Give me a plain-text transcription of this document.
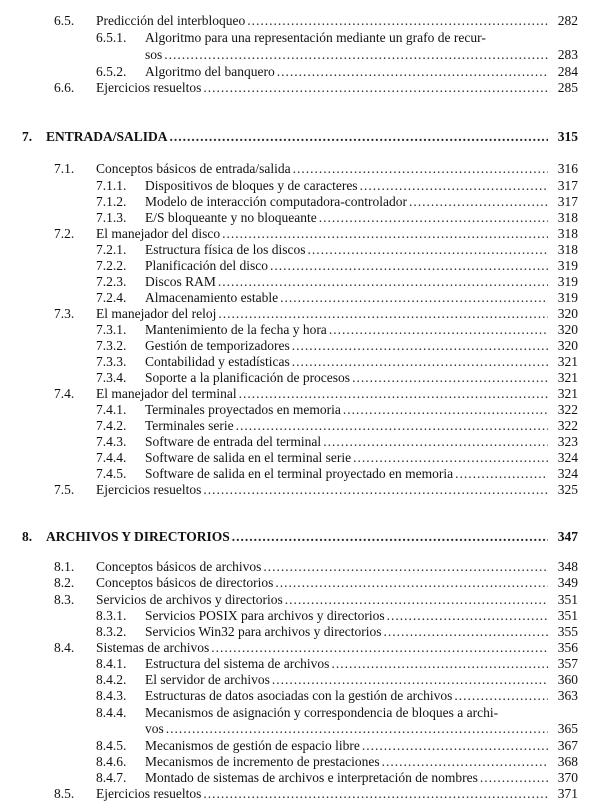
6.5. Predicción del interbloqueo .....	282
6.5.1. Algoritmo para una representación mediante un grafo de recur-
sos .....	283
6.5.2. Algoritmo del banquero .....	284
6.6. Ejercicios resueltos .....	285
7. ENTRADA/SALIDA .....	315
7.1. Conceptos básicos de entrada/salida .....	316
7.1.1. Dispositivos de bloques y de caracteres .....	317
7.1.2. Modelo de interacción computadora-controlador .....	317
7.1.3. E/S bloqueante y no bloqueante .....	318
7.2. El manejador del disco .....	318
7.2.1. Estructura física de los discos .....	318
7.2.2. Planificación del disco .....	319
7.2.3. Discos RAM .....	319
7.2.4. Almacenamiento estable .....	319
7.3. El manejador del reloj .....	320
7.3.1. Mantenimiento de la fecha y hora .....	320
7.3.2. Gestión de temporizadores .....	320
7.3.3. Contabilidad y estadísticas .....	321
7.3.4. Soporte a la planificación de procesos .....	321
7.4. El manejador del terminal .....	321
7.4.1. Terminales proyectados en memoria .....	322
7.4.2. Terminales serie .....	322
7.4.3. Software de entrada del terminal .....	323
7.4.4. Software de salida en el terminal serie .....	324
7.4.5. Software de salida en el terminal proyectado en memoria .....	324
7.5. Ejercicios resueltos .....	325
8. ARCHIVOS Y DIRECTORIOS .....	347
8.1. Conceptos básicos de archivos .....	348
8.2. Conceptos básicos de directorios .....	349
8.3. Servicios de archivos y directorios .....	351
8.3.1. Servicios POSIX para archivos y directorios .....	351
8.3.2. Servicios Win32 para archivos y directorios .....	355
8.4. Sistemas de archivos .....	356
8.4.1. Estructura del sistema de archivos .....	357
8.4.2. El servidor de archivos .....	360
8.4.3. Estructuras de datos asociadas con la gestión de archivos .....	363
8.4.4. Mecanismos de asignación y correspondencia de bloques a archi-
vos .....	365
8.4.5. Mecanismos de gestión de espacio libre .....	367
8.4.6. Mecanismos de incremento de prestaciones .....	368
8.4.7. Montado de sistemas de archivos e interpretación de nombres .....	370
8.5. Ejercicios resueltos .....	371
